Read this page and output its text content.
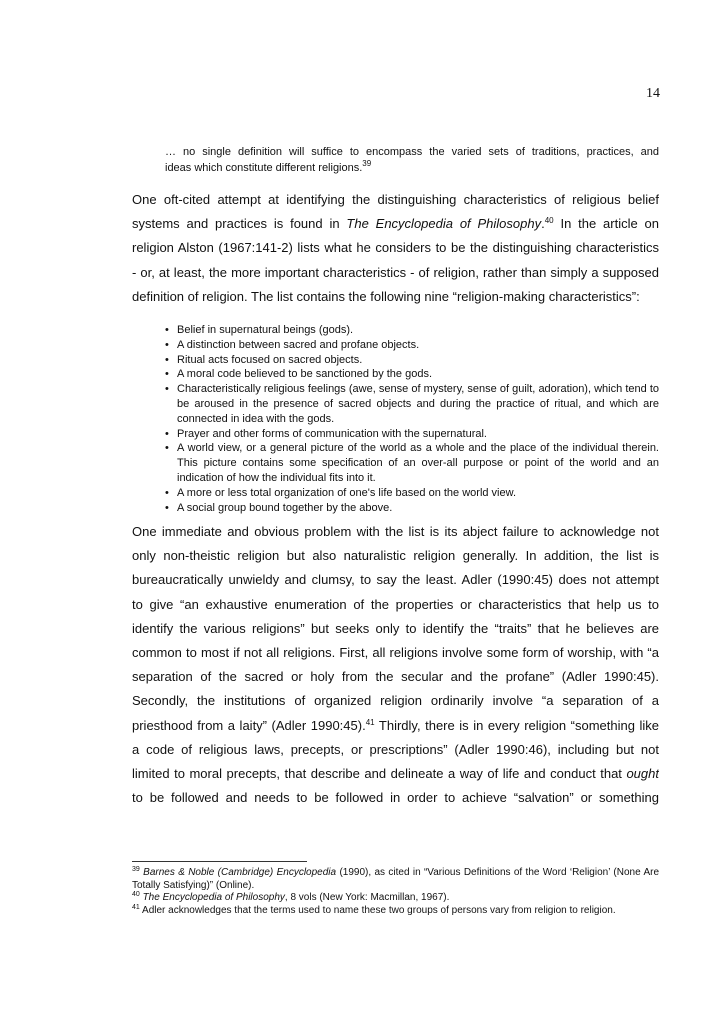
14
… no single definition will suffice to encompass the varied sets of traditions, practices, and
ideas which constitute different religions.$^{39}$
One oft-cited attempt at identifying the distinguishing characteristics of religious belief
systems and practices is found in The Encyclopedia of Philosophy.$^{40}$ In the article on
religion Alston (1967:141-2) lists what he considers to be the distinguishing characteristics
- or, at least, the more important characteristics - of religion, rather than simply a supposed
definition of religion. The list contains the following nine “religion-making characteristics”:
• Belief in supernatural beings (gods).
• A distinction between sacred and profane objects.
• Ritual acts focused on sacred objects.
• A moral code believed to be sanctioned by the gods.
• Characteristically religious feelings (awe, sense of mystery, sense of guilt, adoration), which tend to be aroused in the presence of sacred objects and during the practice of ritual, and which are connected in idea with the gods.
• Prayer and other forms of communication with the supernatural.
• A world view, or a general picture of the world as a whole and the place of the individual therein. This picture contains some specification of an over-all purpose or point of the world and an indication of how the individual fits into it.
• A more or less total organization of one's life based on the world view.
• A social group bound together by the above.
One immediate and obvious problem with the list is its abject failure to acknowledge not
only non-theistic religion but also naturalistic religion generally. In addition, the list is
bureaucratically unwieldy and clumsy, to say the least. Adler (1990:45) does not attempt
to give “an exhaustive enumeration of the properties or characteristics that help us to
identify the various religions” but seeks only to identify the “traits” that he believes are
common to most if not all religions. First, all religions involve some form of worship, with “a
separation of the sacred or holy from the secular and the profane” (Adler 1990:45).
Secondly, the institutions of organized religion ordinarily involve “a separation of a
priesthood from a laity” (Adler 1990:45).$^{41}$ Thirdly, there is in every religion “something like
a code of religious laws, precepts, or prescriptions” (Adler 1990:46), including but not
limited to moral precepts, that describe and delineate a way of life and conduct that ought
to be followed and needs to be followed in order to achieve “salvation” or something
$^{39}$ Barnes & Noble (Cambridge) Encyclopedia (1990), as cited in “Various Definitions of the Word ‘Religion’ (None Are Totally Satisfying)” (Online).
$^{40}$ The Encyclopedia of Philosophy, 8 vols (New York: Macmillan, 1967).
$^{41}$ Adler acknowledges that the terms used to name these two groups of persons vary from religion to religion.
